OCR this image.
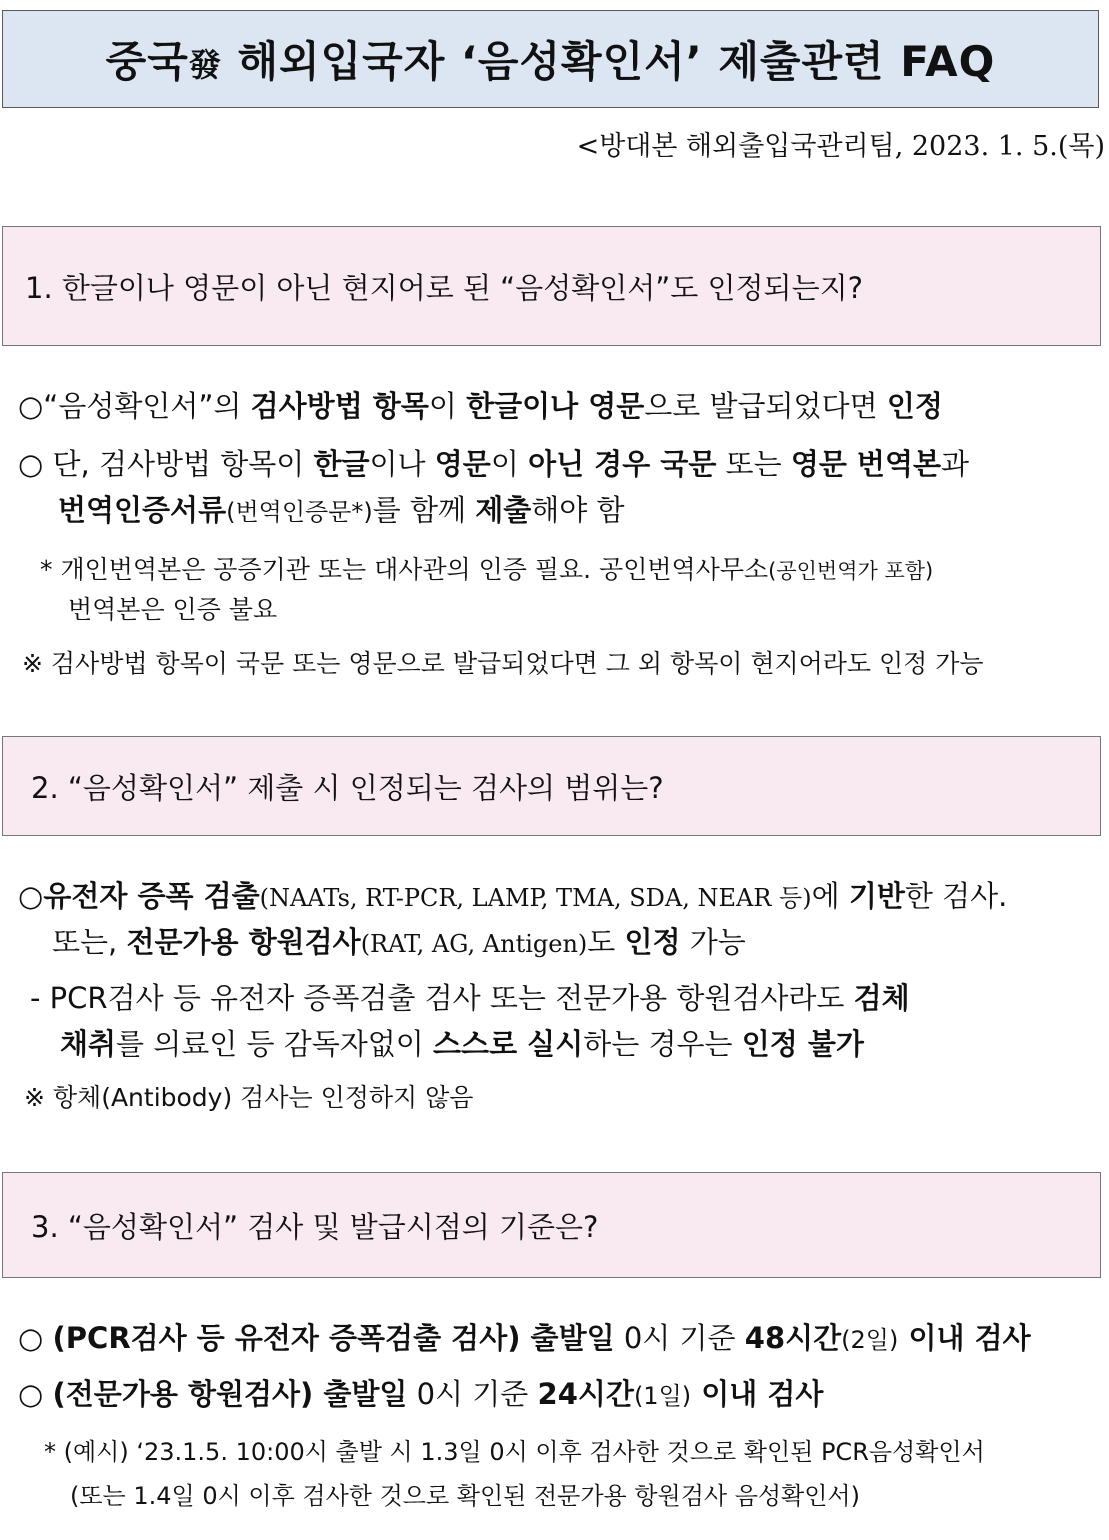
중국發 해외입국자 ‘음성확인서’ 제출관련 FAQ
<방대본 해외출입국관리팀, 2023. 1. 5.(목)
1. 한글이나 영문이 아닌 현지어로 된 “음성확인서”도 인정되는지?
○“음성확인서”의 검사방법 항목이 한글이나 영문으로 발급되었다면 인정
○ 단, 검사방법 항목이 한글이나 영문이 아닌 경우 국문 또는 영문 번역본과
번역인증서류(번역인증문*)를 함께 제출해야 함
* 개인번역본은 공증기관 또는 대사관의 인증 필요. 공인번역사무소(공인번역가 포함)
번역본은 인증 불요
※ 검사방법 항목이 국문 또는 영문으로 발급되었다면 그 외 항목이 현지어라도 인정 가능
2. “음성확인서” 제출 시 인정되는 검사의 범위는?
○유전자 증폭 검출(NAATs, RT-PCR, LAMP, TMA, SDA, NEAR 등)에 기반한 검사.
또는, 전문가용 항원검사(RAT, AG, Antigen)도 인정 가능
- PCR검사 등 유전자 증폭검출 검사 또는 전문가용 항원검사라도 검체
채취를 의료인 등 감독자없이 스스로 실시하는 경우는 인정 불가
※ 항체(Antibody) 검사는 인정하지 않음
3. “음성확인서” 검사 및 발급시점의 기준은?
○ (PCR검사 등 유전자 증폭검출 검사) 출발일 0시 기준 48시간(2일) 이내 검사
○ (전문가용 항원검사) 출발일 0시 기준 24시간(1일) 이내 검사
* (예시) ‘23.1.5. 10:00시 출발 시 1.3일 0시 이후 검사한 것으로 확인된 PCR음성확인서
(또는 1.4일 0시 이후 검사한 것으로 확인된 전문가용 항원검사 음성확인서)
